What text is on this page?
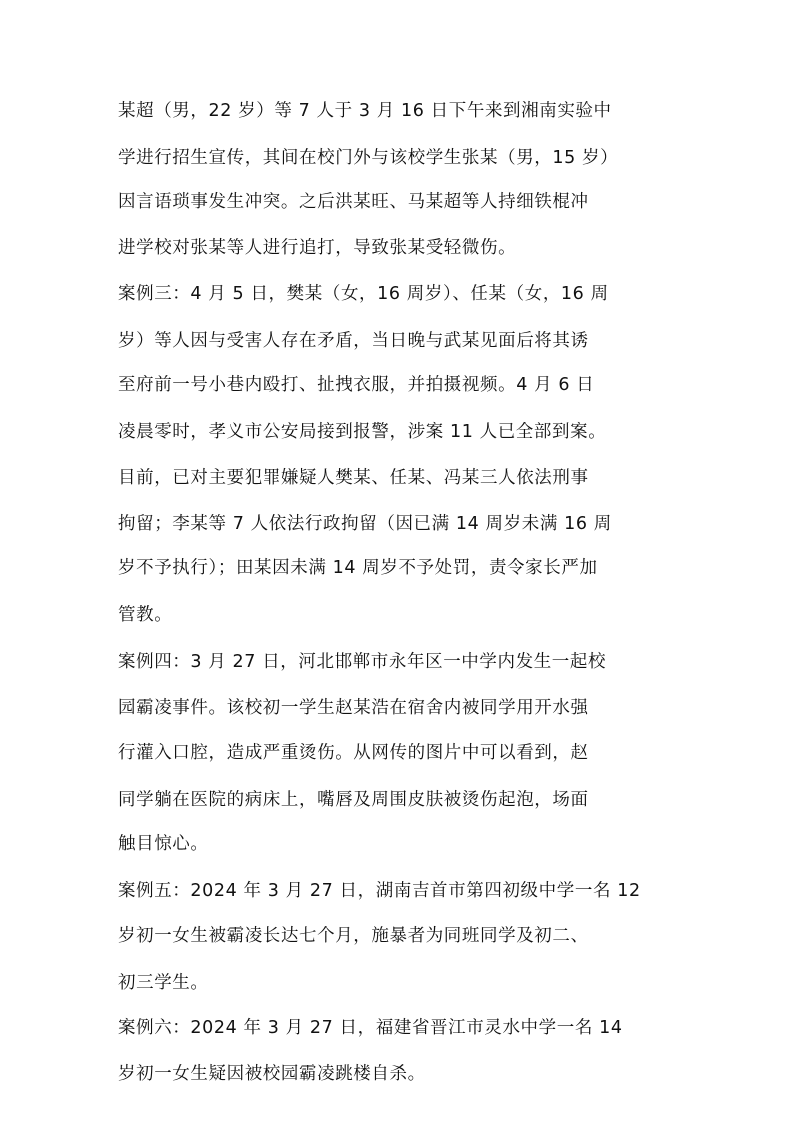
某超（男，22 岁）等 7 人于 3 月 16 日下午来到湘南实验中

学进行招生宣传，其间在校门外与该校学生张某（男，15 岁）

因言语琐事发生冲突。之后洪某旺、马某超等人持细铁棍冲

进学校对张某等人进行追打，导致张某受轻微伤。

案例三：4 月 5 日，樊某（女，16 周岁）、任某（女，16 周

岁）等人因与受害人存在矛盾，当日晚与武某见面后将其诱

至府前一号小巷内殴打、扯拽衣服，并拍摄视频。4 月 6 日

凌晨零时，孝义市公安局接到报警，涉案 11 人已全部到案。

目前，已对主要犯罪嫌疑人樊某、任某、冯某三人依法刑事

拘留；李某等 7 人依法行政拘留（因已满 14 周岁未满 16 周

岁不予执行）；田某因未满 14 周岁不予处罚，责令家长严加

管教。

案例四：3 月 27 日，河北邯郸市永年区一中学内发生一起校

园霸凌事件。该校初一学生赵某浩在宿舍内被同学用开水强

行灌入口腔，造成严重烫伤。从网传的图片中可以看到，赵

同学躺在医院的病床上，嘴唇及周围皮肤被烫伤起泡，场面

触目惊心。

案例五：2024 年 3 月 27 日，湖南吉首市第四初级中学一名 12

岁初一女生被霸凌长达七个月，施暴者为同班同学及初二、

初三学生。

案例六：2024 年 3 月 27 日，福建省晋江市灵水中学一名 14

岁初一女生疑因被校园霸凌跳楼自杀。
